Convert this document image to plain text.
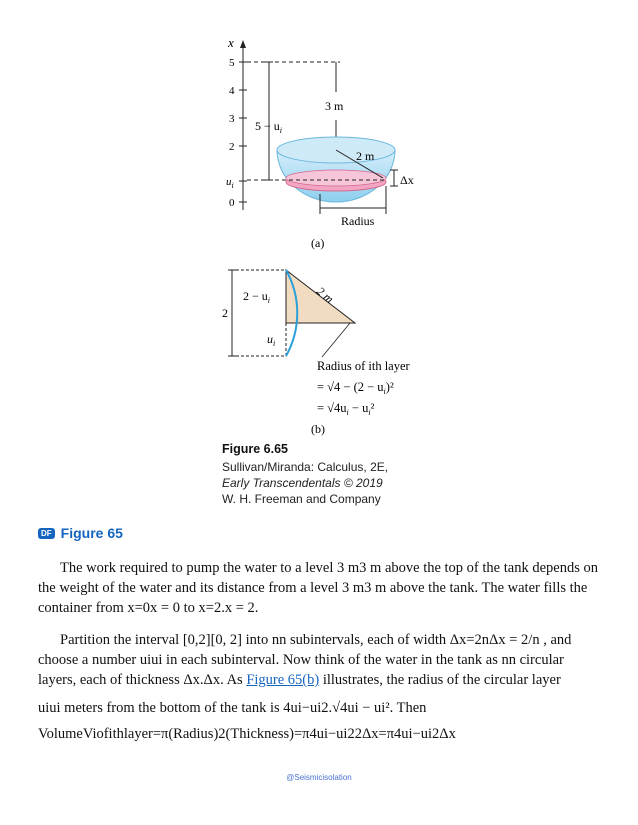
x
5
4
3
2
$u_i$
0
3 m
$5 - u_i$
2 m
Δx
Radius
(a)
2
$2 - u_i$
$u_i$
2 m
Radius of ith layer
= $√4 - (2 - u_i)^2$
= $√4u_i - u_i^2$
(b)
Figure 6.65
Sullivan/Miranda: Calculus, 2E,
Early Transcendentals © 2019
W. H. Freeman and Company
DF Figure 65
The work required to pump the water to a level 3 m3 m above the top of the tank depends on the weight of the water and its distance from a level 3 m3 m above the tank. The water fills the container from x=0x = 0 to x=2.x = 2.
Partition the interval [0,2][0, 2] into nn subintervals, each of width Δx=2nΔx = 2/n , and choose a number uiui in each subinterval. Now think of the water in the tank as nn circular layers, each of thickness Δx.Δx. As Figure 65(b) illustrates, the radius of the circular layer
uiui meters from the bottom of the tank is 4ui−ui2.√4ui − ui². Then
VolumeViofithlayer=π(Radius)2(Thickness)=π4ui−ui22Δx=π4ui−ui2Δx
@Seismicisolation
